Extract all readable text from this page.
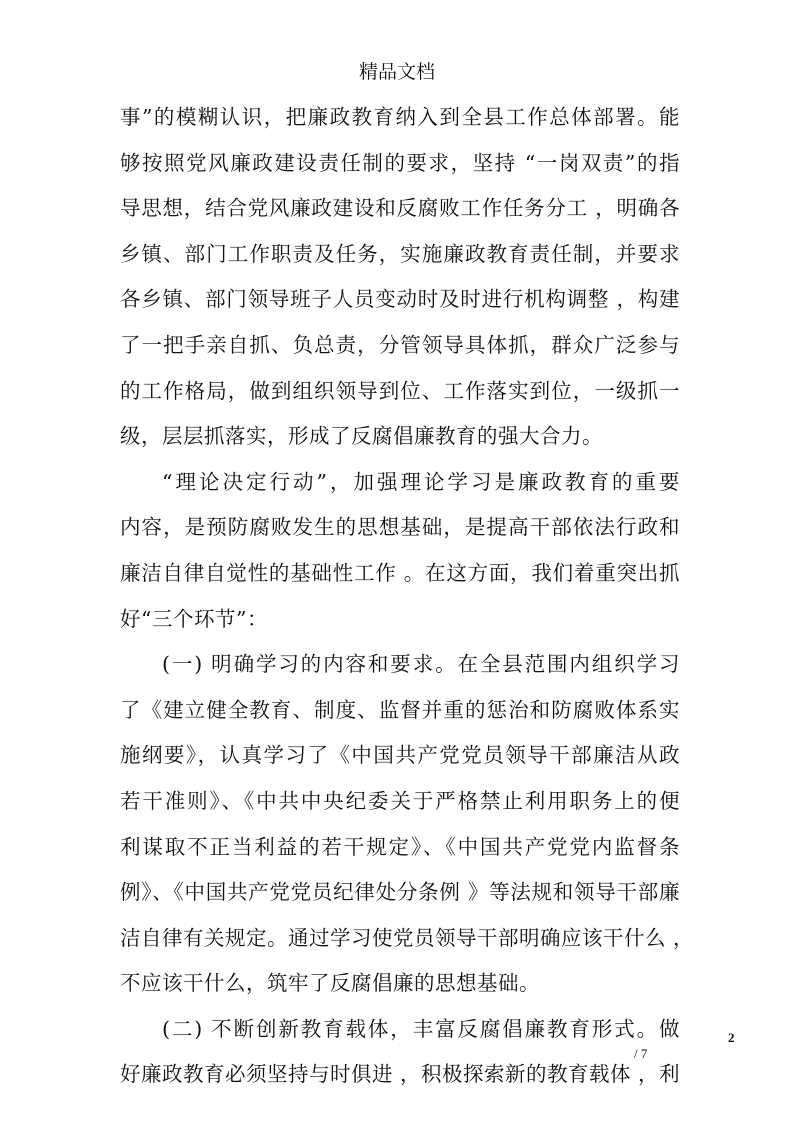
精品文档
事”的模糊认识，把廉政教育纳入到全县工作总体部署。能
够按照党风廉政建设责任制的要求，坚持 “一岗双责”的指
导思想，结合党风廉政建设和反腐败工作任务分工 ，明确各
乡镇、部门工作职责及任务，实施廉政教育责任制，并要求
各乡镇、部门领导班子人员变动时及时进行机构调整 ，构建
了一把手亲自抓、负总责，分管领导具体抓，群众广泛参与
的工作格局，做到组织领导到位、工作落实到位，一级抓一
级，层层抓落实，形成了反腐倡廉教育的强大合力。
“理论决定行动”，加强理论学习是廉政教育的重要
内容，是预防腐败发生的思想基础，是提高干部依法行政和
廉洁自律自觉性的基础性工作 。在这方面，我们着重突出抓
好“三个环节”：
(一) 明确学习的内容和要求。在全县范围内组织学习
了《建立健全教育、制度、监督并重的惩治和防腐败体系实
施纲要》，认真学习了《中国共产党党员领导干部廉洁从政
若干准则》、《中共中央纪委关于严格禁止利用职务上的便
利谋取不正当利益的若干规定》、《中国共产党党内监督条
例》、《中国共产党党员纪律处分条例 》等法规和领导干部廉
洁自律有关规定。通过学习使党员领导干部明确应该干什么 ，
不应该干什么，筑牢了反腐倡廉的思想基础。
(二) 不断创新教育载体，丰富反腐倡廉教育形式。做
好廉政教育必须坚持与时俱进 ，积极探索新的教育载体 ，利
2
/ 7
